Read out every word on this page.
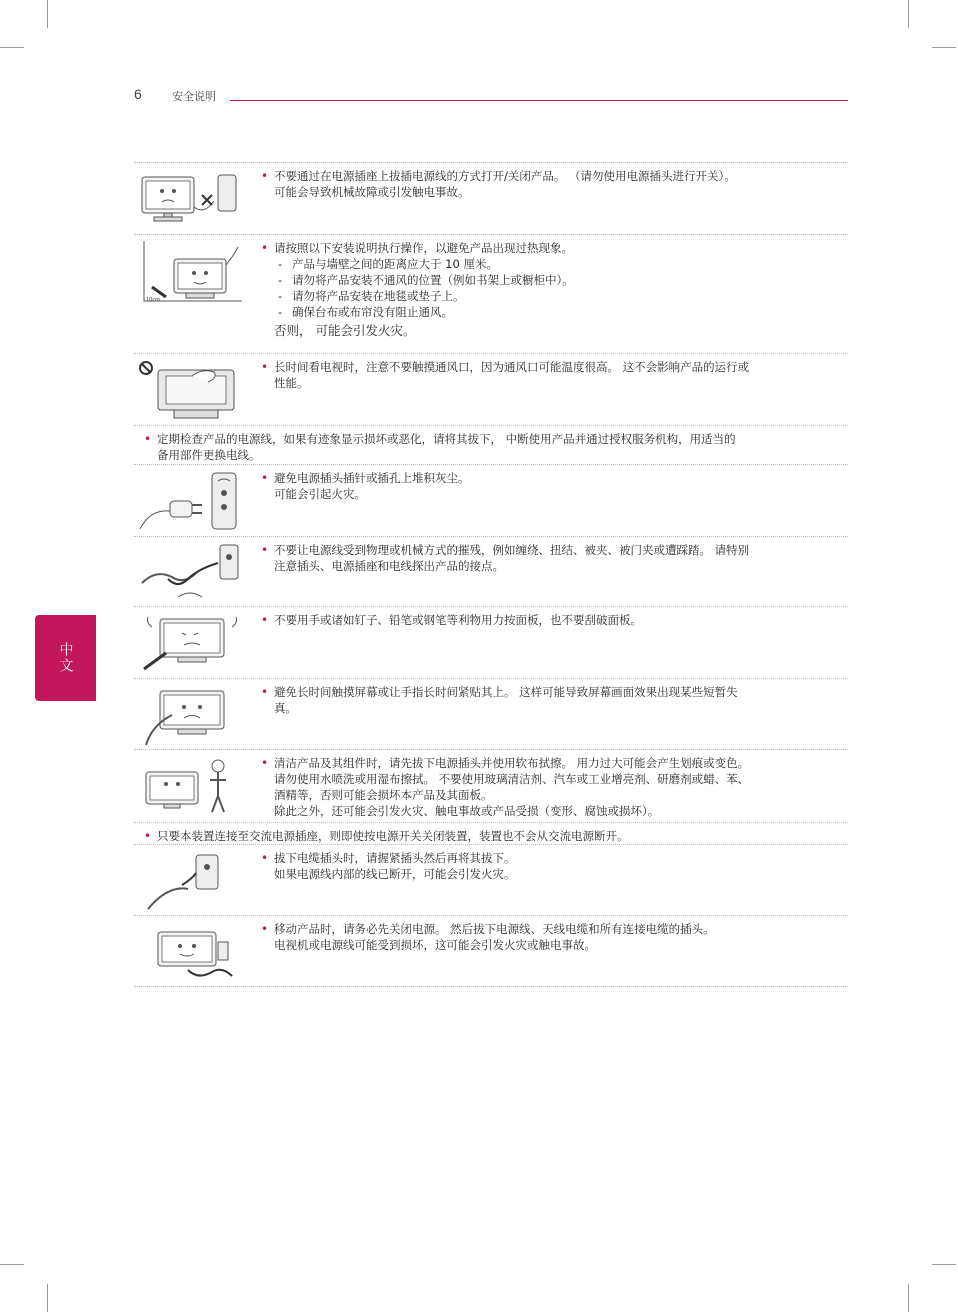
6	安全说明
中文
• 不要通过在电源插座上拔插电源线的方式打开/关闭产品。 （请勿使用电源插头进行开关）。
可能会导致机械故障或引发触电事故。
10cm
• 请按照以下安装说明执行操作，以避免产品出现过热现象。
- 产品与墙壁之间的距离应大于 10 厘米。
- 请勿将产品安装不通风的位置（例如书架上或橱柜中）。
- 请勿将产品安装在地毯或垫子上。
- 确保台布或布帘没有阻止通风。
否则， 可能会引发火灾。
• 长时间看电视时，注意不要触摸通风口，因为通风口可能温度很高。 这不会影响产品的运行或
性能。
• 定期检查产品的电源线，如果有迹象显示损坏或恶化，请将其拔下， 中断使用产品并通过授权服务机构，用适当的
备用部件更换电线。
• 避免电源插头插针或插孔上堆积灰尘。
可能会引起火灾。
• 不要让电源线受到物理或机械方式的摧残，例如缠绕、扭结、被夹、被门夹或遭踩踏。 请特别
注意插头、电源插座和电线探出产品的接点。
• 不要用手或诸如钉子、铅笔或钢笔等利物用力按面板，也不要刮破面板。
• 避免长时间触摸屏幕或让手指长时间紧贴其上。 这样可能导致屏幕画面效果出现某些短暂失
真。
• 清洁产品及其组件时，请先拔下电源插头并使用软布拭擦。 用力过大可能会产生划痕或变色。
请勿使用水喷洗或用湿布擦拭。 不要使用玻璃清洁剂、汽车或工业增亮剂、研磨剂或蜡、苯、
酒精等，否则可能会损坏本产品及其面板。
除此之外，还可能会引发火灾、触电事故或产品受损（变形、腐蚀或损坏）。
• 只要本装置连接至交流电源插座，则即使按电源开关关闭装置，装置也不会从交流电源断开。
• 拔下电缆插头时，请握紧插头然后再将其拔下。
如果电源线内部的线已断开，可能会引发火灾。
• 移动产品时，请务必先关闭电源。 然后拔下电源线、天线电缆和所有连接电缆的插头。
电视机或电源线可能受到损坏，这可能会引发火灾或触电事故。
